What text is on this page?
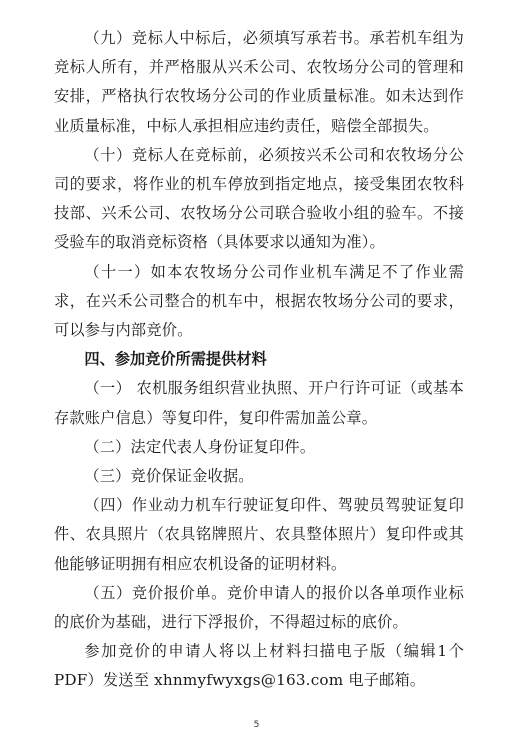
（九）竞标人中标后，必须填写承若书。承若机车组为竞标人所有，并严格服从兴禾公司、农牧场分公司的管理和安排，严格执行农牧场分公司的作业质量标准。如未达到作业质量标准，中标人承担相应违约责任，赔偿全部损失。

（十）竞标人在竞标前，必须按兴禾公司和农牧场分公司的要求，将作业的机车停放到指定地点，接受集团农牧科技部、兴禾公司、农牧场分公司联合验收小组的验车。不接受验车的取消竞标资格（具体要求以通知为准）。

（十一）如本农牧场分公司作业机车满足不了作业需求，在兴禾公司整合的机车中，根据农牧场分公司的要求，可以参与内部竞价。

四、参加竞价所需提供材料

（一） 农机服务组织营业执照、开户行许可证（或基本存款账户信息）等复印件，复印件需加盖公章。

（二）法定代表人身份证复印件。

（三）竞价保证金收据。

（四）作业动力机车行驶证复印件、驾驶员驾驶证复印件、农具照片（农具铭牌照片、农具整体照片）复印件或其他能够证明拥有相应农机设备的证明材料。

（五）竞价报价单。竞价申请人的报价以各单项作业标的底价为基础，进行下浮报价，不得超过标的底价。

参加竞价的申请人将以上材料扫描电子版（编辑1个PDF）发送至 xhnmyfwyxgs@163.com 电子邮箱。

5
